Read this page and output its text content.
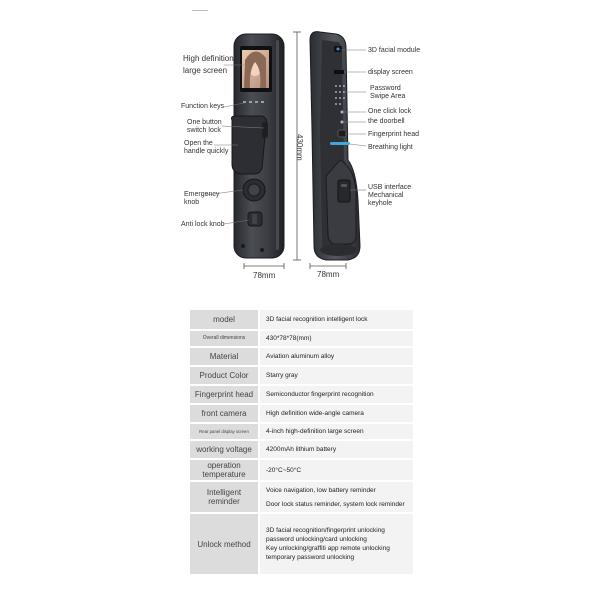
High definition
large screen
Function keys
One button
switch lock
Open the
handle quickly
Emergency
knob
Anti lock knob
3D facial module
display screen
Password
Swipe Area
One click lock
the doorbell
Fingerprint head
Breathing light
USB interface
Mechanical
keyhole
430mm
78mm	78mm
model	3D facial recognition intelligent lock
Overall dimensions	430*78*78(mm)
Material	Aviation aluminum alloy
Product Color	Starry gray
Fingerprint head	Semiconductor fingerprint recognition
front camera	High definition wide-angle camera
Rear panel display screen	4-inch high-definition large screen
working voltage	4200mAh lithium battery
operation temperature	-20°C~50°C
Intelligent reminder	Voice navigation, low battery reminder
Door lock status reminder, system lock reminder

Unlock method	3D facial recognition/fingerprint unlocking
password unlocking/card unlocking
Key unlocking/graffiti app remote unlocking
temporary password unlocking
